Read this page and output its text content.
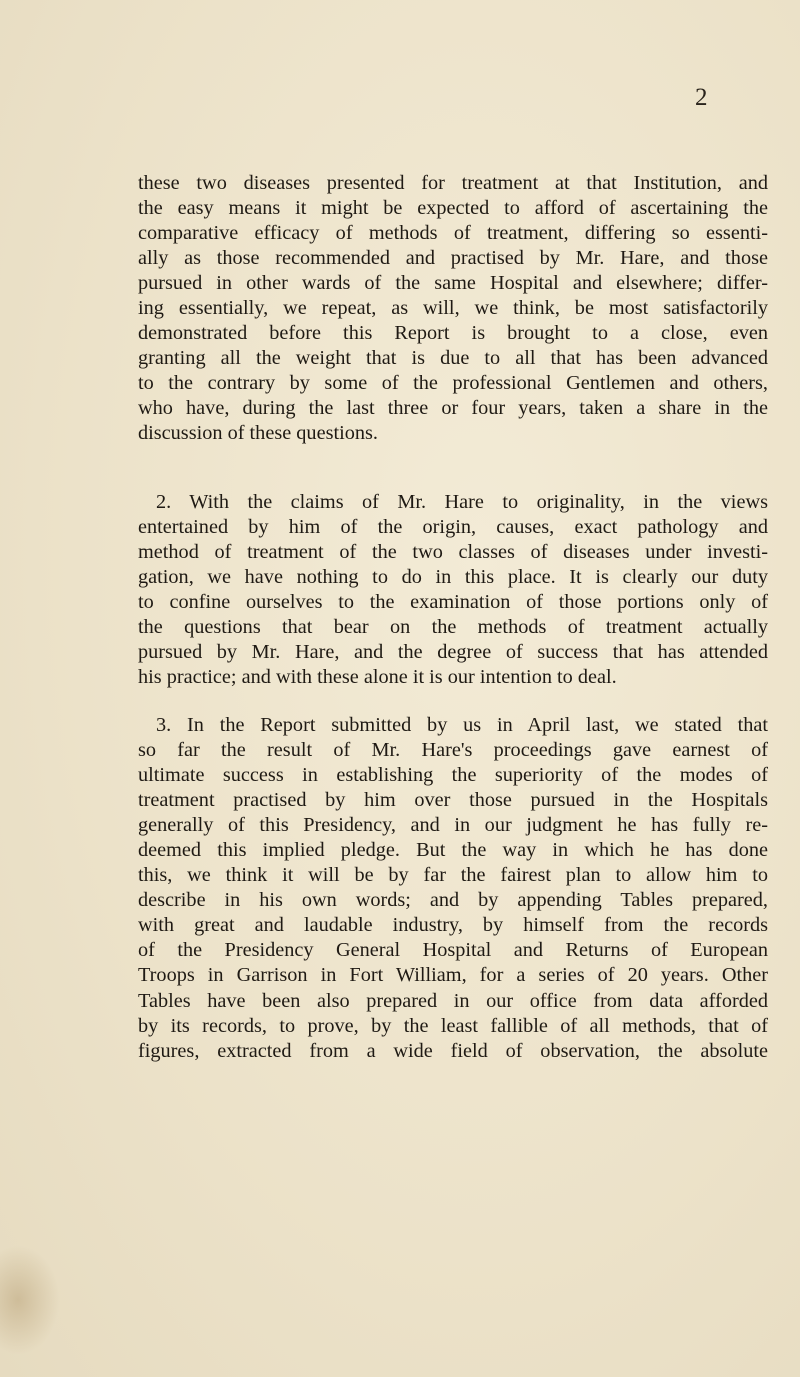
2
these two diseases presented for treatment at that Institution, and
the easy means it might be expected to afford of ascertaining the
comparative efficacy of methods of treatment, differing so essenti-
ally as those recommended and practised by Mr. Hare, and those
pursued in other wards of the same Hospital and elsewhere; differ-
ing essentially, we repeat, as will, we think, be most satisfactorily
demonstrated before this Report is brought to a close, even
granting all the weight that is due to all that has been advanced
to the contrary by some of the professional Gentlemen and others,
who have, during the last three or four years, taken a share in the
discussion of these questions.
2. With the claims of Mr. Hare to originality, in the views
entertained by him of the origin, causes, exact pathology and
method of treatment of the two classes of diseases under investi-
gation, we have nothing to do in this place. It is clearly our duty
to confine ourselves to the examination of those portions only of
the questions that bear on the methods of treatment actually
pursued by Mr. Hare, and the degree of success that has attended
his practice; and with these alone it is our intention to deal.
3. In the Report submitted by us in April last, we stated that
so far the result of Mr. Hare's proceedings gave earnest of
ultimate success in establishing the superiority of the modes of
treatment practised by him over those pursued in the Hospitals
generally of this Presidency, and in our judgment he has fully re-
deemed this implied pledge. But the way in which he has done
this, we think it will be by far the fairest plan to allow him to
describe in his own words; and by appending Tables prepared,
with great and laudable industry, by himself from the records
of the Presidency General Hospital and Returns of European
Troops in Garrison in Fort William, for a series of 20 years. Other
Tables have been also prepared in our office from data afforded
by its records, to prove, by the least fallible of all methods, that of
figures, extracted from a wide field of observation, the absolute
